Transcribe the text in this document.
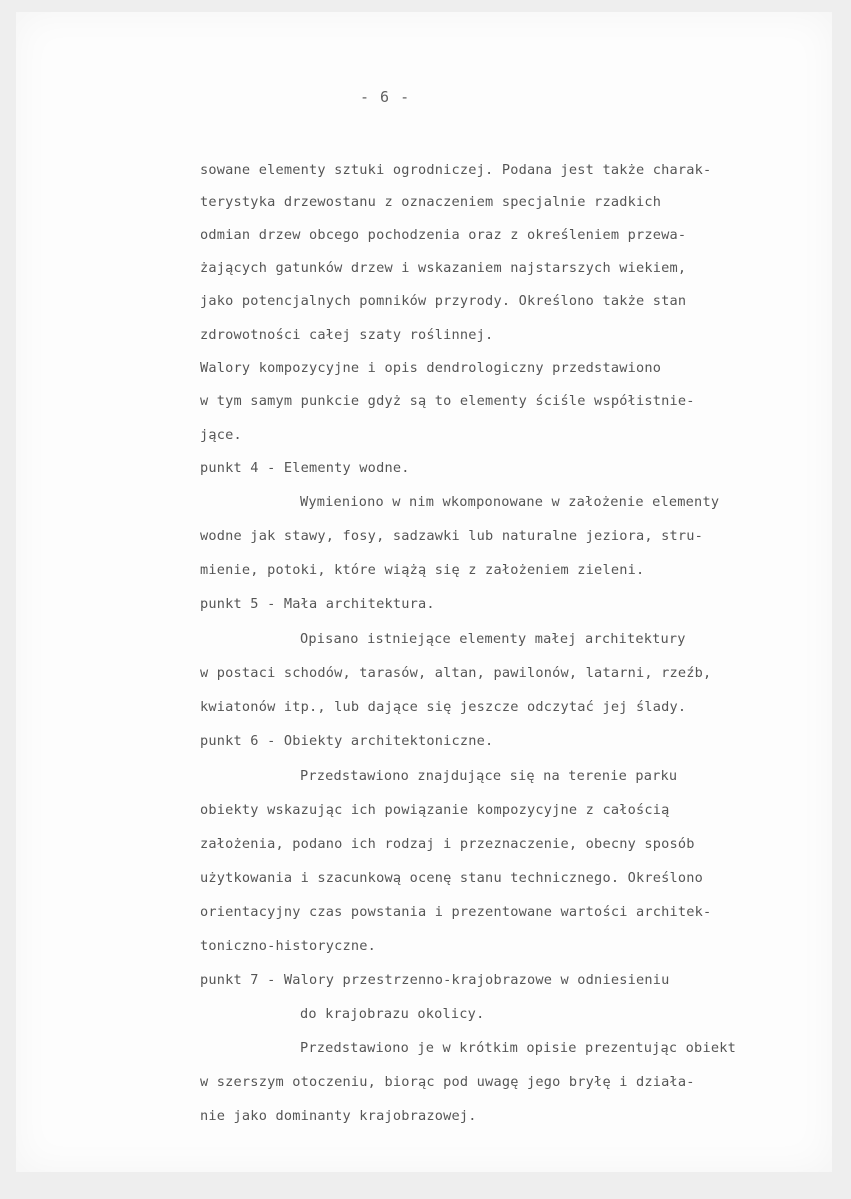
- 6 -
sowane elementy sztuki ogrodniczej. Podana jest także charak-
terystyka drzewostanu z oznaczeniem specjalnie rzadkich
odmian drzew obcego pochodzenia oraz z określeniem przewa-
żających gatunków drzew i wskazaniem najstarszych wiekiem,
jako potencjalnych pomników przyrody. Określono także stan
zdrowotności całej szaty roślinnej.
Walory kompozycyjne i opis dendrologiczny przedstawiono
w tym samym punkcie gdyż są to elementy ściśle współistnie-
jące.
punkt 4 - Elementy wodne.
Wymieniono w nim wkomponowane w założenie elementy
wodne jak stawy, fosy, sadzawki lub naturalne jeziora, stru-
mienie, potoki, które wiążą się z założeniem zieleni.
punkt 5 - Mała architektura.
Opisano istniejące elementy małej architektury
w postaci schodów, tarasów, altan, pawilonów, latarni, rzeźb,
kwiatonów itp., lub dające się jeszcze odczytać jej ślady.
punkt 6 - Obiekty architektoniczne.
Przedstawiono znajdujące się na terenie parku
obiekty wskazując ich powiązanie kompozycyjne z całością
założenia, podano ich rodzaj i przeznaczenie, obecny sposób
użytkowania i szacunkową ocenę stanu technicznego. Określono
orientacyjny czas powstania i prezentowane wartości architek-
toniczno-historyczne.
punkt 7 - Walory przestrzenno-krajobrazowe w odniesieniu
do krajobrazu okolicy.
Przedstawiono je w krótkim opisie prezentując obiekt
w szerszym otoczeniu, biorąc pod uwagę jego bryłę i działa-
nie jako dominanty krajobrazowej.
